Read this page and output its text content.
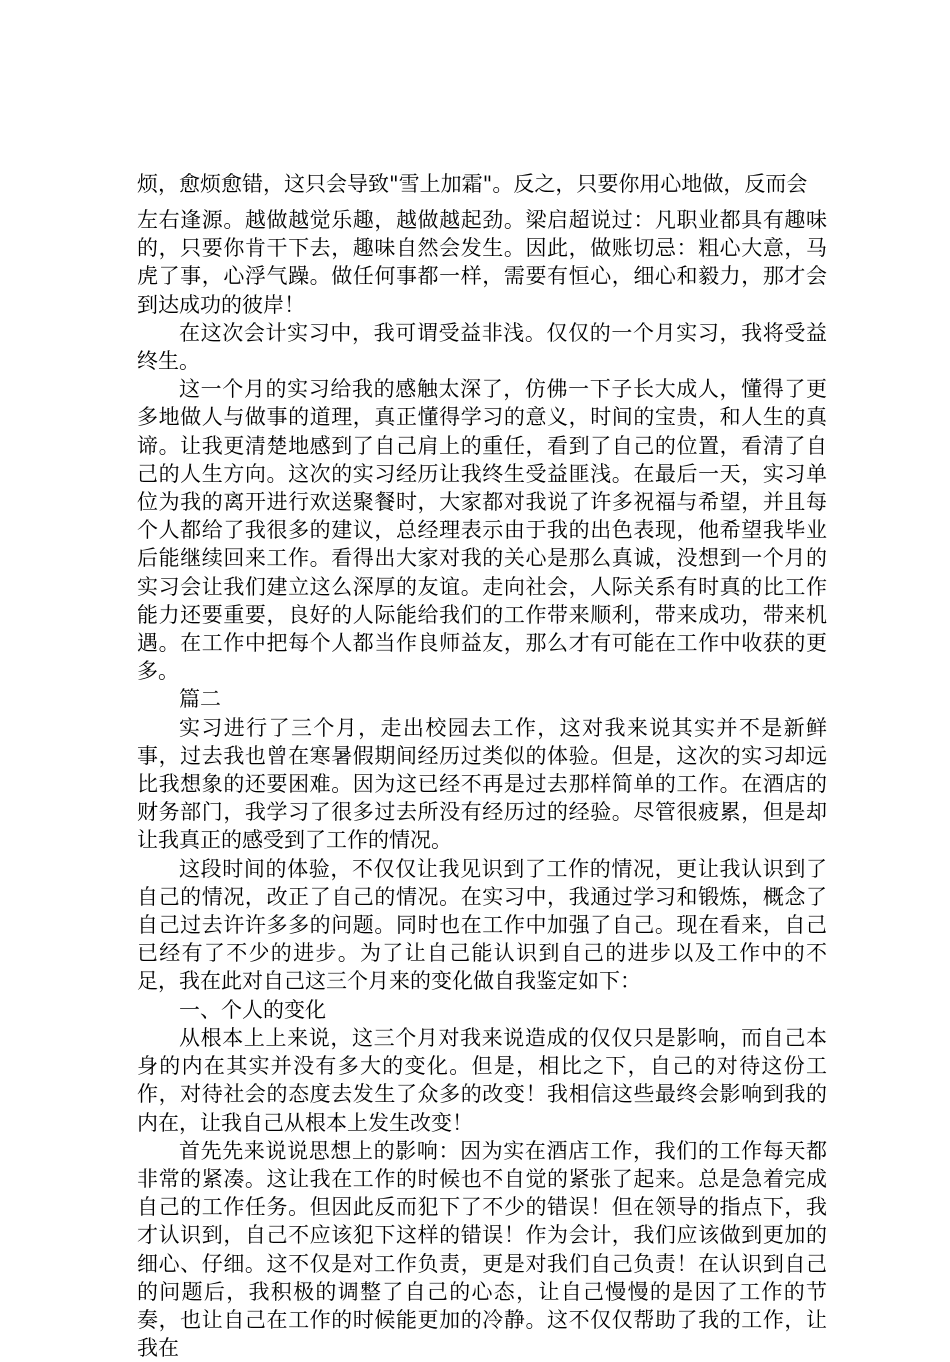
烦，愈烦愈错，这只会导致"雪上加霜"。反之，只要你用心地做，反而会

左右逢源。越做越觉乐趣，越做越起劲。梁启超说过：凡职业都具有趣味的，只要你肯干下去，趣味自然会发生。因此，做账切忌：粗心大意，马虎了事，心浮气躁。做任何事都一样，需要有恒心，细心和毅力，那才会到达成功的彼岸！

在这次会计实习中，我可谓受益非浅。仅仅的一个月实习，我将受益终生。

这一个月的实习给我的感触太深了，仿佛一下子长大成人，懂得了更多地做人与做事的道理，真正懂得学习的意义，时间的宝贵，和人生的真谛。让我更清楚地感到了自己肩上的重任，看到了自己的位置，看清了自己的人生方向。这次的实习经历让我终生受益匪浅。在最后一天，实习单位为我的离开进行欢送聚餐时，大家都对我说了许多祝福与希望，并且每个人都给了我很多的建议，总经理表示由于我的出色表现，他希望我毕业后能继续回来工作。看得出大家对我的关心是那么真诚，没想到一个月的实习会让我们建立这么深厚的友谊。走向社会，人际关系有时真的比工作能力还要重要，良好的人际能给我们的工作带来顺利，带来成功，带来机遇。在工作中把每个人都当作良师益友，那么才有可能在工作中收获的更多。

篇二

实习进行了三个月，走出校园去工作，这对我来说其实并不是新鲜事，过去我也曾在寒暑假期间经历过类似的体验。但是，这次的实习却远比我想象的还要困难。因为这已经不再是过去那样简单的工作。在酒店的财务部门，我学习了很多过去所没有经历过的经验。尽管很疲累，但是却让我真正的感受到了工作的情况。

这段时间的体验，不仅仅让我见识到了工作的情况，更让我认识到了自己的情况，改正了自己的情况。在实习中，我通过学习和锻炼，概念了自己过去许许多多的问题。同时也在工作中加强了自己。现在看来，自己已经有了不少的进步。为了让自己能认识到自己的进步以及工作中的不足，我在此对自己这三个月来的变化做自我鉴定如下：

一、个人的变化

从根本上上来说，这三个月对我来说造成的仅仅只是影响，而自己本身的内在其实并没有多大的变化。但是，相比之下，自己的对待这份工作，对待社会的态度去发生了众多的改变！我相信这些最终会影响到我的内在，让我自己从根本上发生改变！

首先先来说说思想上的影响：因为实在酒店工作，我们的工作每天都非常的紧凑。这让我在工作的时候也不自觉的紧张了起来。总是急着完成自己的工作任务。但因此反而犯下了不少的错误！但在领导的指点下，我才认识到，自己不应该犯下这样的错误！作为会计，我们应该做到更加的细心、仔细。这不仅是对工作负责，更是对我们自己负责！在认识到自己的问题后，我积极的调整了自己的心态，让自己慢慢的是因了工作的节奏，也让自己在工作的时候能更加的冷静。这不仅仅帮助了我的工作，让我在
